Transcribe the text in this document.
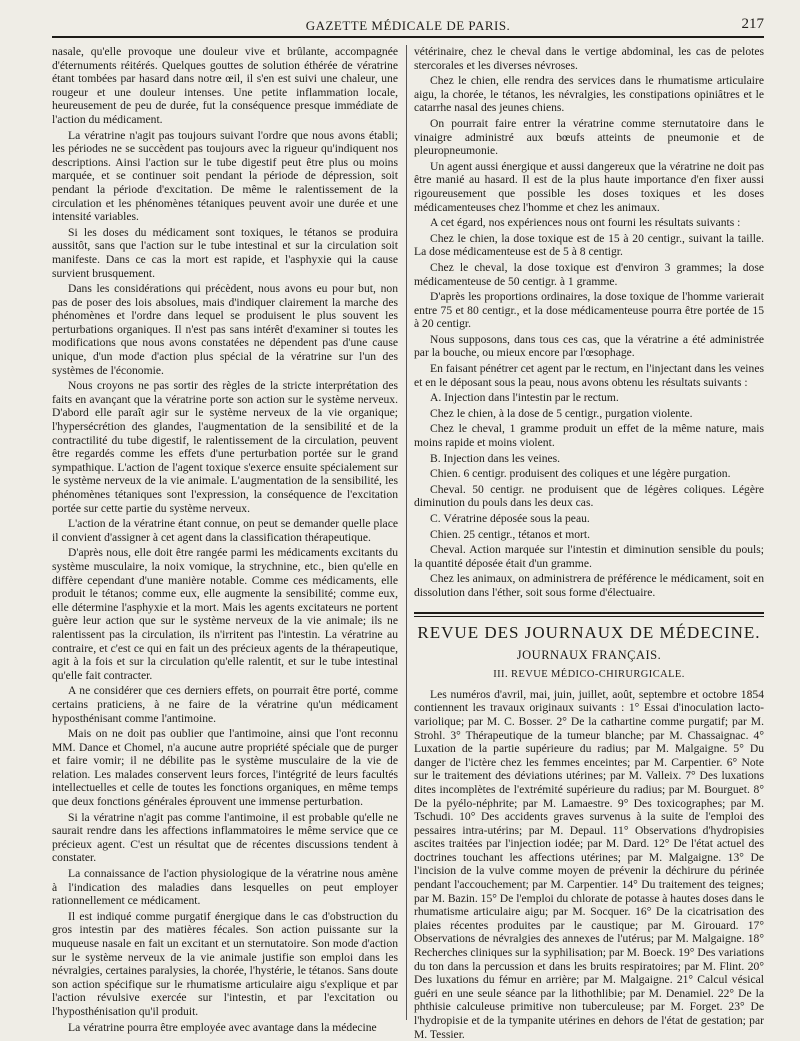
GAZETTE MÉDICALE DE PARIS.	217

nasale, qu'elle provoque une douleur vive et brûlante, accompagnée d'éternuments réitérés. Quelques gouttes de solution éthérée de vératrine étant tombées par hasard dans notre œil, il s'en est suivi une chaleur, une rougeur et une douleur intenses. Une petite inflammation locale, heureusement de peu de durée, fut la conséquence presque immédiate de l'action du médicament.

La vératrine n'agit pas toujours suivant l'ordre que nous avons établi; les périodes ne se succèdent pas toujours avec la rigueur qu'indiquent nos descriptions. Ainsi l'action sur le tube digestif peut être plus ou moins marquée, et se continuer soit pendant la période de dépression, soit pendant la période d'excitation. De même le ralentissement de la circulation et les phénomènes tétaniques peuvent avoir une durée et une intensité variables.

Si les doses du médicament sont toxiques, le tétanos se produira aussitôt, sans que l'action sur le tube intestinal et sur la circulation soit manifeste. Dans ce cas la mort est rapide, et l'asphyxie qui la cause survient brusquement.

Dans les considérations qui précèdent, nous avons eu pour but, non pas de poser des lois absolues, mais d'indiquer clairement la marche des phénomènes et l'ordre dans lequel se produisent le plus souvent les perturbations organiques. Il n'est pas sans intérêt d'examiner si toutes les modifications que nous avons constatées ne dépendent pas d'une cause unique, d'un mode d'action plus spécial de la vératrine sur l'un des systèmes de l'économie.

Nous croyons ne pas sortir des règles de la stricte interprétation des faits en avançant que la vératrine porte son action sur le système nerveux. D'abord elle paraît agir sur le système nerveux de la vie organique; l'hypersécrétion des glandes, l'augmentation de la sensibilité et de la contractilité du tube digestif, le ralentissement de la circulation, peuvent être regardés comme les effets d'une perturbation portée sur le grand sympathique. L'action de l'agent toxique s'exerce ensuite spécialement sur le système nerveux de la vie animale. L'augmentation de la sensibilité, les phénomènes tétaniques sont l'expression, la conséquence de l'excitation portée sur cette partie du système nerveux.

L'action de la vératrine étant connue, on peut se demander quelle place il convient d'assigner à cet agent dans la classification thérapeutique.

D'après nous, elle doit être rangée parmi les médicaments excitants du système musculaire, la noix vomique, la strychnine, etc., bien qu'elle en diffère cependant d'une manière notable. Comme ces médicaments, elle produit le tétanos; comme eux, elle augmente la sensibilité; comme eux, elle détermine l'asphyxie et la mort. Mais les agents excitateurs ne portent guère leur action que sur le système nerveux de la vie animale; ils ne ralentissent pas la circulation, ils n'irritent pas l'intestin. La vératrine au contraire, et c'est ce qui en fait un des précieux agents de la thérapeutique, agit à la fois et sur la circulation qu'elle ralentit, et sur le tube intestinal qu'elle fait contracter.

A ne considérer que ces derniers effets, on pourrait être porté, comme certains praticiens, à ne faire de la vératrine qu'un médicament hyposthénisant comme l'antimoine.

Mais on ne doit pas oublier que l'antimoine, ainsi que l'ont reconnu MM. Dance et Chomel, n'a aucune autre propriété spéciale que de purger et faire vomir; il ne débilite pas le système musculaire de la vie de relation. Les malades conservent leurs forces, l'intégrité de leurs facultés intellectuelles et celle de toutes les fonctions organiques, en même temps que deux fonctions générales éprouvent une immense perturbation.

Si la vératrine n'agit pas comme l'antimoine, il est probable qu'elle ne saurait rendre dans les affections inflammatoires le même service que ce précieux agent. C'est un résultat que de récentes discussions tendent à constater.

La connaissance de l'action physiologique de la vératrine nous amène à l'indication des maladies dans lesquelles on peut employer rationnellement ce médicament.

Il est indiqué comme purgatif énergique dans le cas d'obstruction du gros intestin par des matières fécales. Son action puissante sur la muqueuse nasale en fait un excitant et un sternutatoire. Son mode d'action sur le système nerveux de la vie animale justifie son emploi dans les névralgies, certaines paralysies, la chorée, l'hystérie, le tétanos. Sans doute son action spécifique sur le rhumatisme articulaire aigu s'explique et par l'action révulsive exercée sur l'intestin, et par l'excitation ou l'hyposthénisation qu'il produit.

La vératrine pourra être employée avec avantage dans la médecine

vétérinaire, chez le cheval dans le vertige abdominal, les cas de pelotes stercorales et les diverses névroses.

Chez le chien, elle rendra des services dans le rhumatisme articulaire aigu, la chorée, le tétanos, les névralgies, les constipations opiniâtres et le catarrhe nasal des jeunes chiens.

On pourrait faire entrer la vératrine comme sternutatoire dans le vinaigre administré aux bœufs atteints de pneumonie et de pleuropneumonie.

Un agent aussi énergique et aussi dangereux que la vératrine ne doit pas être manié au hasard. Il est de la plus haute importance d'en fixer aussi rigoureusement que possible les doses toxiques et les doses médicamenteuses chez l'homme et chez les animaux.

A cet égard, nos expériences nous ont fourni les résultats suivants :

Chez le chien, la dose toxique est de 15 à 20 centigr., suivant la taille. La dose médicamenteuse est de 5 à 8 centigr.

Chez le cheval, la dose toxique est d'environ 3 grammes; la dose médicamenteuse de 50 centigr. à 1 gramme.

D'après les proportions ordinaires, la dose toxique de l'homme varierait entre 75 et 80 centigr., et la dose médicamenteuse pourra être portée de 15 à 20 centigr.

Nous supposons, dans tous ces cas, que la vératrine a été administrée par la bouche, ou mieux encore par l'œsophage.

En faisant pénétrer cet agent par le rectum, en l'injectant dans les veines et en le déposant sous la peau, nous avons obtenu les résultats suivants :

A. Injection dans l'intestin par le rectum.

Chez le chien, à la dose de 5 centigr., purgation violente.

Chez le cheval, 1 gramme produit un effet de la même nature, mais moins rapide et moins violent.

B. Injection dans les veines.

Chien. 6 centigr. produisent des coliques et une légère purgation.

Cheval. 50 centigr. ne produisent que de légères coliques. Légère diminution du pouls dans les deux cas.

C. Vératrine déposée sous la peau.

Chien. 25 centigr., tétanos et mort.

Cheval. Action marquée sur l'intestin et diminution sensible du pouls; la quantité déposée était d'un gramme.

Chez les animaux, on administrera de préférence le médicament, soit en dissolution dans l'éther, soit sous forme d'électuaire.

REVUE DES JOURNAUX DE MÉDECINE.
JOURNAUX FRANÇAIS.
III. REVUE MÉDICO-CHIRURGICALE.

Les numéros d'avril, mai, juin, juillet, août, septembre et octobre 1854 contiennent les travaux originaux suivants : 1° Essai d'inoculation lacto-variolique; par M. C. Bosser. 2° De la cathartine comme purgatif; par M. Strohl. 3° Thérapeutique de la tumeur blanche; par M. Chassaignac. 4° Luxation de la partie supérieure du radius; par M. Malgaigne. 5° Du danger de l'ictère chez les femmes enceintes; par M. Carpentier. 6° Note sur le traitement des déviations utérines; par M. Valleix. 7° Des luxations dites incomplètes de l'extrémité supérieure du radius; par M. Bourguet. 8° De la pyélo-néphrite; par M. Lamaestre. 9° Des toxicographes; par M. Tschudi. 10° Des accidents graves survenus à la suite de l'emploi des pessaires intra-utérins; par M. Depaul. 11° Observations d'hydropisies ascites traitées par l'injection iodée; par M. Dard. 12° De l'état actuel des doctrines touchant les affections utérines; par M. Malgaigne. 13° De l'incision de la vulve comme moyen de prévenir la déchirure du périnée pendant l'accouchement; par M. Carpentier. 14° Du traitement des teignes; par M. Bazin. 15° De l'emploi du chlorate de potasse à hautes doses dans le rhumatisme articulaire aigu; par M. Socquer. 16° De la cicatrisation des plaies récentes produites par le caustique; par M. Girouard. 17° Observations de névralgies des annexes de l'utérus; par M. Malgaigne. 18° Recherches cliniques sur la syphilisation; par M. Boeck. 19° Des variations du ton dans la percussion et dans les bruits respiratoires; par M. Flint. 20° Des luxations du fémur en arrière; par M. Malgaigne. 21° Calcul vésical guéri en une seule séance par la lithothlibie; par M. Denamiel. 22° De la phthisie calculeuse primitive non tuberculeuse; par M. Forget. 23° De l'hydropisie et de la tympanite utérines en dehors de l'état de gestation; par M. Tessier.
